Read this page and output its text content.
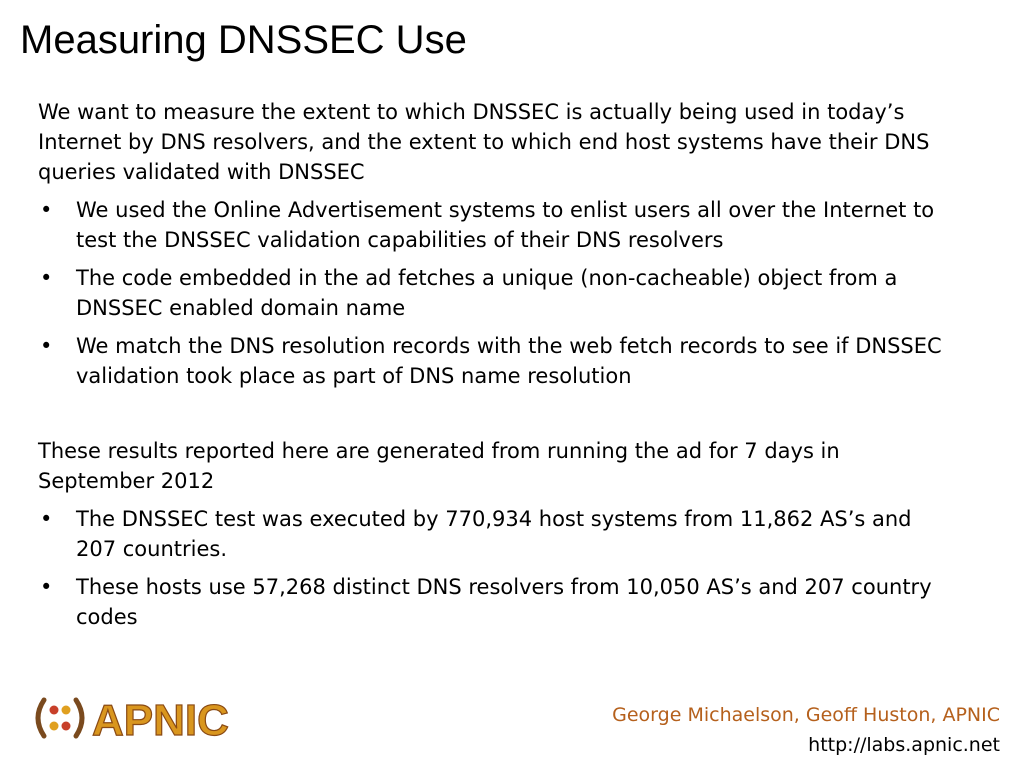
Measuring DNSSEC Use

We want to measure the extent to which DNSSEC is actually being used in today’s Internet by DNS resolvers, and the extent to which end host systems have their DNS queries validated with DNSSEC

• We used the Online Advertisement systems to enlist users all over the Internet to test the DNSSEC validation capabilities of their DNS resolvers
• The code embedded in the ad fetches a unique (non-cacheable) object from a DNSSEC enabled domain name
• We match the DNS resolution records with the web fetch records to see if DNSSEC validation took place as part of DNS name resolution

These results reported here are generated from running the ad for 7 days in September 2012

• The DNSSEC test was executed by 770,934 host systems from 11,862 AS’s and 207 countries.
• These hosts use 57,268 distinct DNS resolvers from 10,050 AS’s and 207 country codes
APNIC	George Michaelson, Geoff Huston, APNIC
http://labs.apnic.net
